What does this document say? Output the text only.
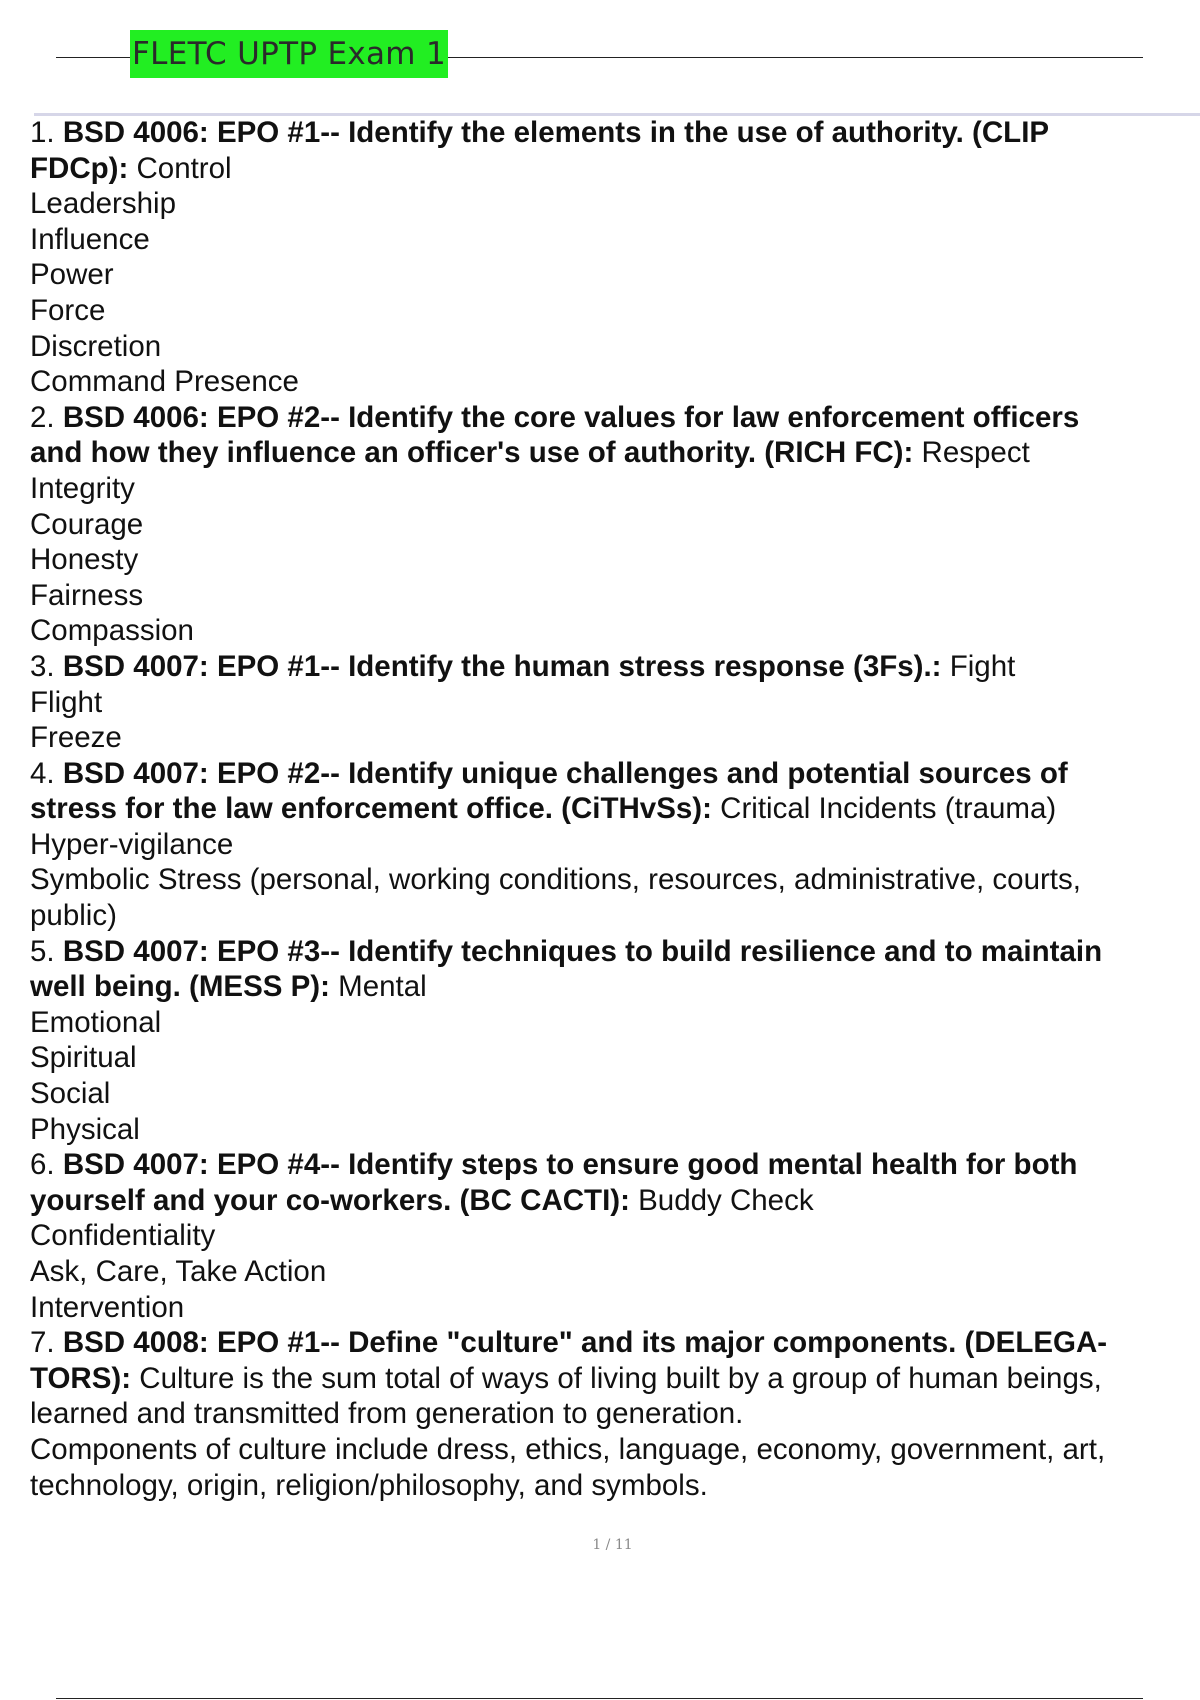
FLETC UPTP Exam 1
1. BSD 4006: EPO #1-- Identify the elements in the use of authority. (CLIP
FDCp): Control
Leadership
Influence
Power
Force
Discretion
Command Presence
2. BSD 4006: EPO #2-- Identify the core values for law enforcement officers
and how they influence an officer's use of authority. (RICH FC): Respect
Integrity
Courage
Honesty
Fairness
Compassion
3. BSD 4007: EPO #1-- Identify the human stress response (3Fs).: Fight
Flight
Freeze
4. BSD 4007: EPO #2-- Identify unique challenges and potential sources of
stress for the law enforcement office. (CiTHvSs): Critical Incidents (trauma)
Hyper-vigilance
Symbolic Stress (personal, working conditions, resources, administrative, courts,
public)
5. BSD 4007: EPO #3-- Identify techniques to build resilience and to maintain
well being. (MESS P): Mental
Emotional
Spiritual
Social
Physical
6. BSD 4007: EPO #4-- Identify steps to ensure good mental health for both
yourself and your co-workers. (BC CACTI): Buddy Check
Confidentiality
Ask, Care, Take Action
Intervention
7. BSD 4008: EPO #1-- Define "culture" and its major components. (DELEGA-
TORS): Culture is the sum total of ways of living built by a group of human beings,
learned and transmitted from generation to generation.
Components of culture include dress, ethics, language, economy, government, art,
technology, origin, religion/philosophy, and symbols.
1 / 11
